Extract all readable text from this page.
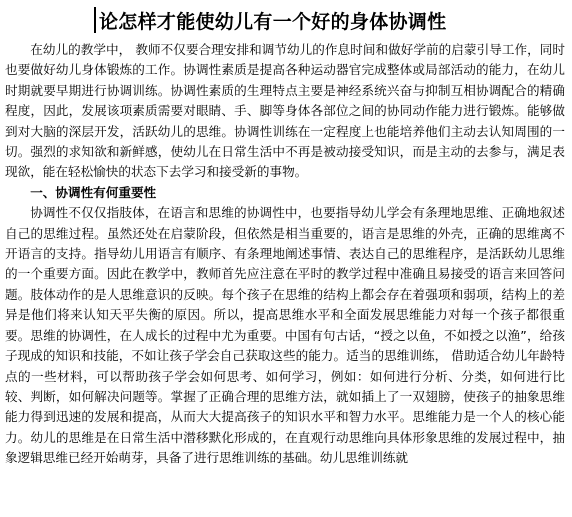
论怎样才能使幼儿有一个好的身体协调性

在幼儿的教学中， 教师不仅要合理安排和调节幼儿的作息时间和做好学前的启蒙引导工作，同时也要做好幼儿身体锻炼的工作。协调性素质是提高各种运动器官完成整体或局部活动的能力，在幼儿时期就要早期进行协调训练。协调性素质的生理特点主要是神经系统兴奋与抑制互相协调配合的精确程度，因此，发展该项素质需要对眼睛、手、脚等身体各部位之间的协同动作能力进行锻炼。能够做到对大脑的深层开发，活跃幼儿的思维。协调性训练在一定程度上也能培养他们主动去认知周围的一切。强烈的求知欲和新鲜感，使幼儿在日常生活中不再是被动接受知识，而是主动的去参与，满足表现欲，能在轻松愉快的状态下去学习和接受新的事物。

一、协调性有何重要性

协调性不仅仅指肢体，在语言和思维的协调性中，也要指导幼儿学会有条理地思维、正确地叙述自己的思维过程。虽然还处在启蒙阶段，但依然是相当重要的，语言是思维的外壳，正确的思维离不开语言的支持。指导幼儿用语言有顺序、有条理地阐述事情、表达自己的思维程序，是活跃幼儿思维的一个重要方面。因此在教学中，教师首先应注意在平时的教学过程中准确且易接受的语言来回答问题。肢体动作的是人思维意识的反映。每个孩子在思维的结构上都会存在着强项和弱项，结构上的差异是他们将来认知天平失衡的原因。所以，提高思维水平和全面发展思维能力对每一个孩子都很重要。思维的协调性，在人成长的过程中尤为重要。中国有句古话，“授之以鱼，不如授之以渔”，给孩子现成的知识和技能，不如让孩子学会自己获取这些的能力。适当的思维训练， 借助适合幼儿年龄特点的一些材料，可以帮助孩子学会如何思考、如何学习，例如：如何进行分析、分类，如何进行比较、判断，如何解决问题等。掌握了正确合理的思维方法，就如插上了一双翅膀，使孩子的抽象思维能力得到迅速的发展和提高，从而大大提高孩子的知识水平和智力水平。思维能力是一个人的核心能力。幼儿的思维是在日常生活中潜移默化形成的，在直观行动思维向具体形象思维的发展过程中，抽象逻辑思维已经开始萌芽，具备了进行思维训练的基础。幼儿思维训练就
